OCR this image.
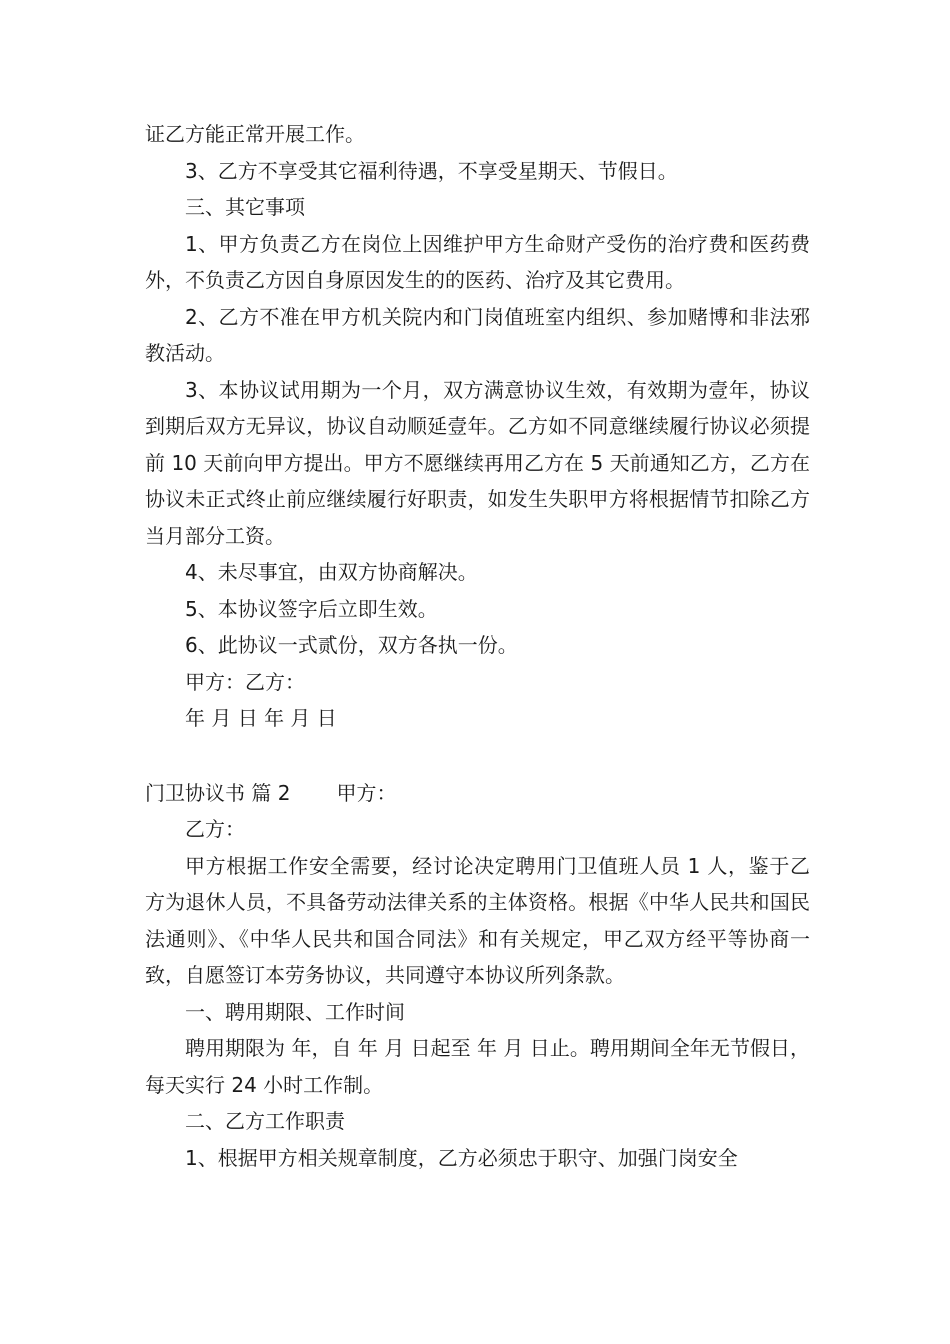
证乙方能正常开展工作。

3、乙方不享受其它福利待遇，不享受星期天、节假日。

三、其它事项

1、甲方负责乙方在岗位上因维护甲方生命财产受伤的治疗费和医药费外，不负责乙方因自身原因发生的的医药、治疗及其它费用。

2、乙方不准在甲方机关院内和门岗值班室内组织、参加赌博和非法邪教活动。

3、本协议试用期为一个月，双方满意协议生效，有效期为壹年，协议到期后双方无异议，协议自动顺延壹年。乙方如不同意继续履行协议必须提前 10 天前向甲方提出。甲方不愿继续再用乙方在 5 天前通知乙方，乙方在协议未正式终止前应继续履行好职责，如发生失职甲方将根据情节扣除乙方当月部分工资。

4、未尽事宜，由双方协商解决。

5、本协议签字后立即生效。

6、此协议一式贰份，双方各执一份。

甲方：乙方：

年 月 日 年 月 日

门卫协议书 篇 2 甲方：

乙方：

甲方根据工作安全需要，经讨论决定聘用门卫值班人员 1 人，鉴于乙方为退休人员，不具备劳动法律关系的主体资格。根据《中华人民共和国民法通则》、《中华人民共和国合同法》和有关规定，甲乙双方经平等协商一致，自愿签订本劳务协议，共同遵守本协议所列条款。

一、聘用期限、工作时间

聘用期限为 年，自 年 月 日起至 年 月 日止。聘用期间全年无节假日，每天实行 24 小时工作制。

二、乙方工作职责

1、根据甲方相关规章制度，乙方必须忠于职守、加强门岗安全
